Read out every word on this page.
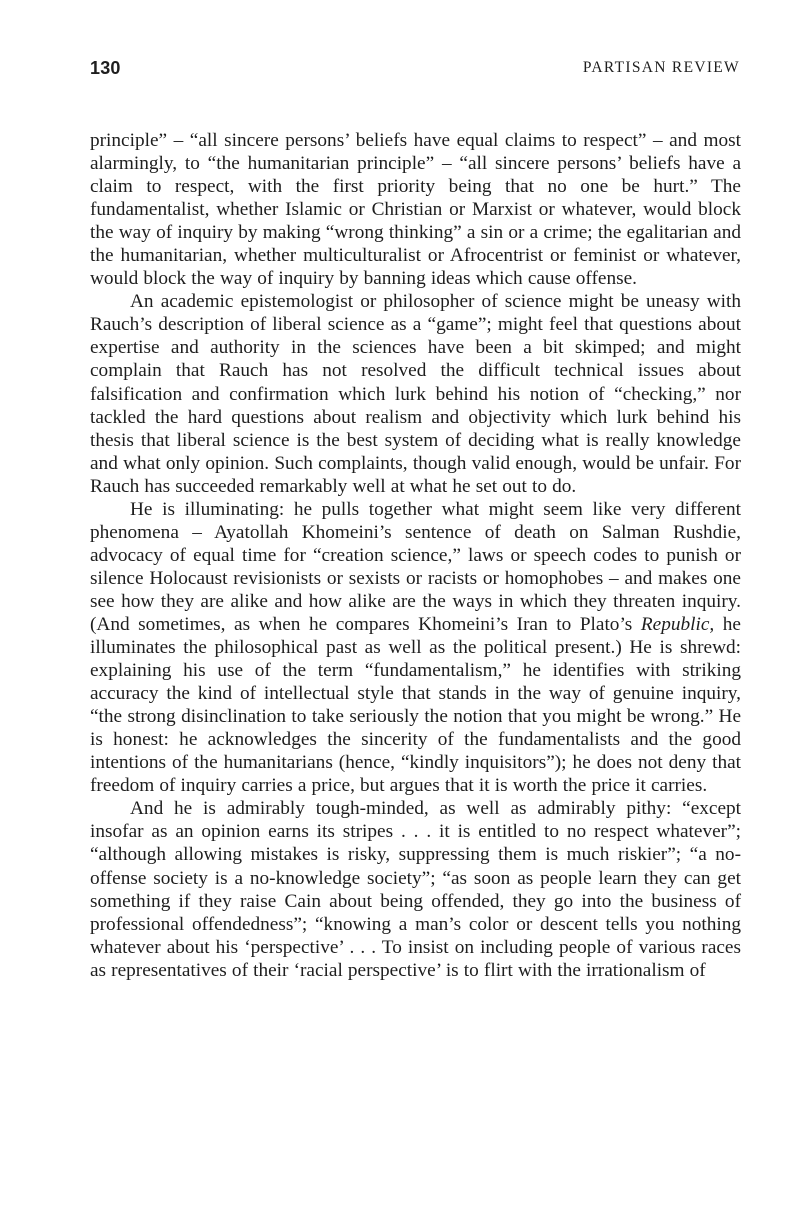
130	PARTISAN REVIEW

principle” – “all sincere persons’ beliefs have equal claims to respect” – and most alarmingly, to “the humanitarian principle” – “all sincere persons’ beliefs have a claim to respect, with the first priority being that no one be hurt.” The fundamentalist, whether Islamic or Christian or Marxist or whatever, would block the way of inquiry by making “wrong thinking” a sin or a crime; the egalitarian and the humanitarian, whether multiculturalist or Afrocentrist or feminist or whatever, would block the way of inquiry by banning ideas which cause offense.

An academic epistemologist or philosopher of science might be uneasy with Rauch’s description of liberal science as a “game”; might feel that questions about expertise and authority in the sciences have been a bit skimped; and might complain that Rauch has not resolved the difficult technical issues about falsification and confirmation which lurk behind his notion of “checking,” nor tackled the hard questions about realism and objectivity which lurk behind his thesis that liberal science is the best system of deciding what is really knowledge and what only opinion. Such complaints, though valid enough, would be unfair. For Rauch has succeeded remarkably well at what he set out to do.

He is illuminating: he pulls together what might seem like very different phenomena – Ayatollah Khomeini’s sentence of death on Salman Rushdie, advocacy of equal time for “creation science,” laws or speech codes to punish or silence Holocaust revisionists or sexists or racists or homophobes – and makes one see how they are alike and how alike are the ways in which they threaten inquiry. (And sometimes, as when he compares Khomeini’s Iran to Plato’s Republic, he illuminates the philosophical past as well as the political present.) He is shrewd: explaining his use of the term “fundamentalism,” he identifies with striking accuracy the kind of intellectual style that stands in the way of genuine inquiry, “the strong disinclination to take seriously the notion that you might be wrong.” He is honest: he acknowledges the sincerity of the fundamentalists and the good intentions of the humanitarians (hence, “kindly inquisitors”); he does not deny that freedom of inquiry carries a price, but argues that it is worth the price it carries.

And he is admirably tough-minded, as well as admirably pithy: “except insofar as an opinion earns its stripes . . . it is entitled to no respect whatever”; “although allowing mistakes is risky, suppressing them is much riskier”; “a no-offense society is a no-knowledge society”; “as soon as people learn they can get something if they raise Cain about being offended, they go into the business of professional offendedness”; “knowing a man’s color or descent tells you nothing whatever about his ‘perspective’ . . . To insist on including people of various races as representatives of their ‘racial perspective’ is to flirt with the irrationalism of
